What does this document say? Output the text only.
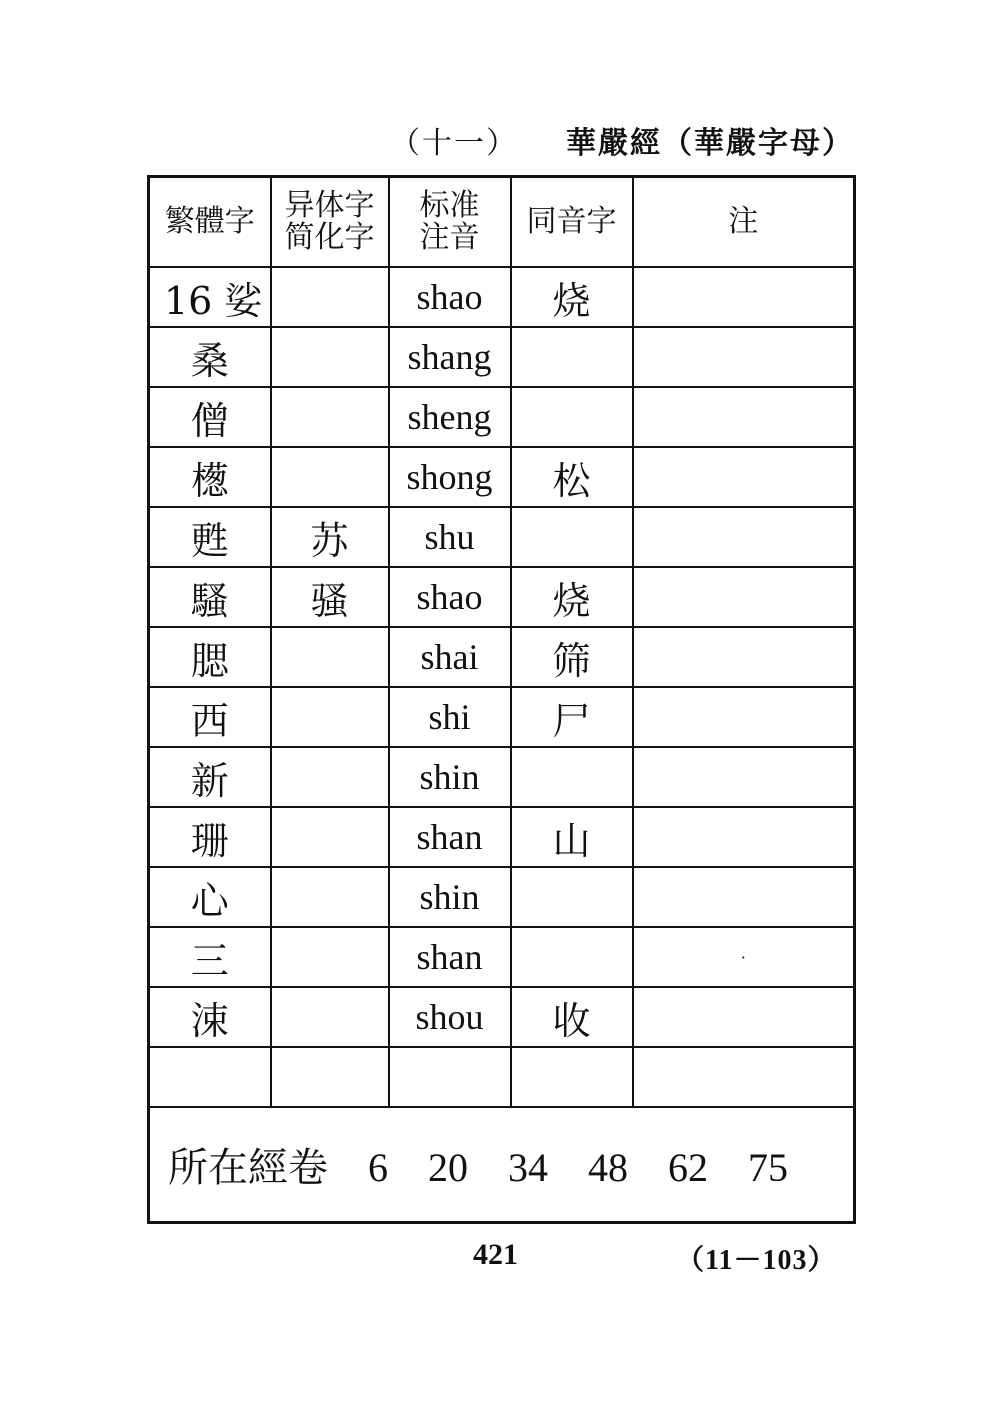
（十一） 華嚴經（華嚴字母）
繁體字	异体字简化字	标准注音	同音字	注
16 娑		shao	烧	
桑		shang		
僧		sheng		
檧		shong	松	
甦	苏	shu		
騷	骚	shao	烧	
腮		shai	筛	
西		shi	尸	
新		shin		
珊		shan	山	
心		shin		
三		shan		·
涑		shou	收	

所在經卷 6 20 34 48 62 75				
421	（11－103）
